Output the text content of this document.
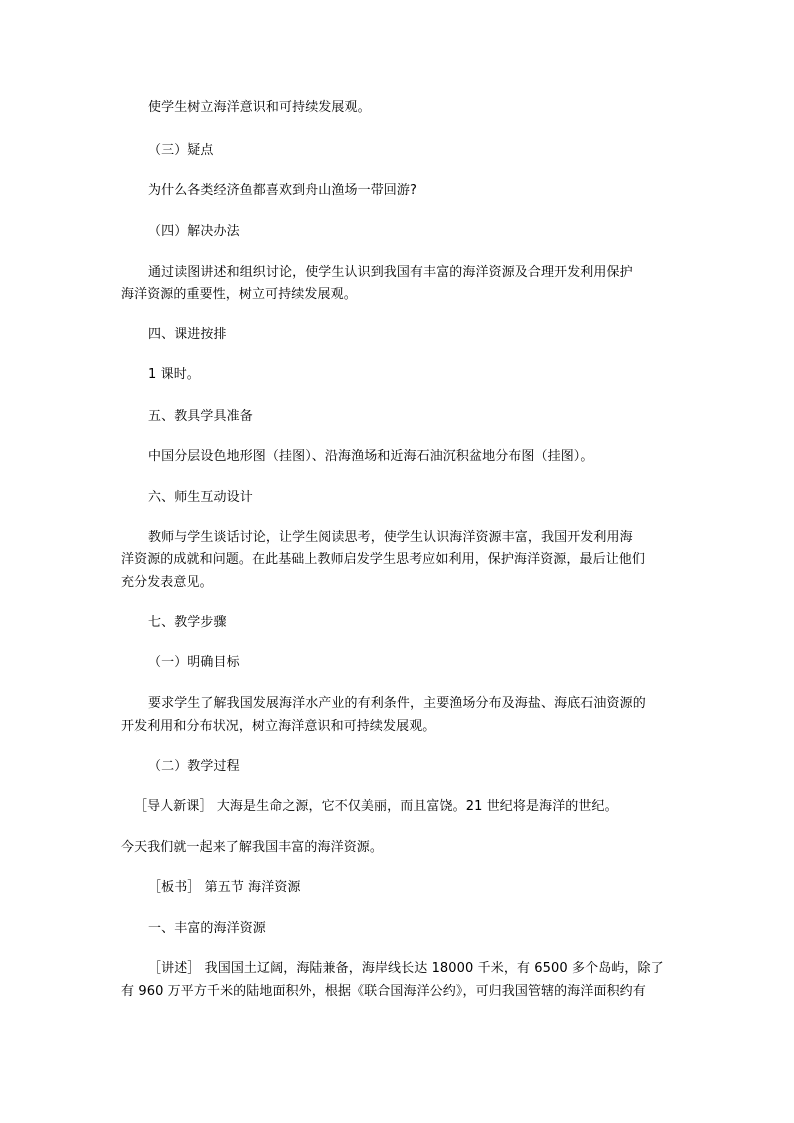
使学生树立海洋意识和可持续发展观。
（三）疑点
为什么各类经济鱼都喜欢到舟山渔场一带回游?
（四）解决办法
通过读图讲述和组织讨论，使学生认识到我国有丰富的海洋资源及合理开发利用保护
海洋资源的重要性，树立可持续发展观。
四、课进按排
1 课时。
五、教具学具准备
中国分层设色地形图（挂图）、沿海渔场和近海石油沉积盆地分布图（挂图）。
六、师生互动设计
教师与学生谈话讨论，让学生阅读思考，使学生认识海洋资源丰富，我国开发利用海
洋资源的成就和问题。在此基础上教师启发学生思考应如利用，保护海洋资源，最后让他们
充分发表意见。
七、教学步骤
（一）明确目标
要求学生了解我国发展海洋水产业的有利条件，主要渔场分布及海盐、海底石油资源的
开发利用和分布状况，树立海洋意识和可持续发展观。
（二）教学过程
［导人新课］ 大海是生命之源，它不仅美丽，而且富饶。21 世纪将是海洋的世纪。
今天我们就一起来了解我国丰富的海洋资源。
［板书］ 第五节 海洋资源
一、丰富的海洋资源
［讲述］ 我国国土辽阔，海陆兼备，海岸线长达 18000 千米，有 6500 多个岛屿，除了
有 960 万平方千米的陆地面积外，根据《联合国海洋公约》，可归我国管辖的海洋面积约有
